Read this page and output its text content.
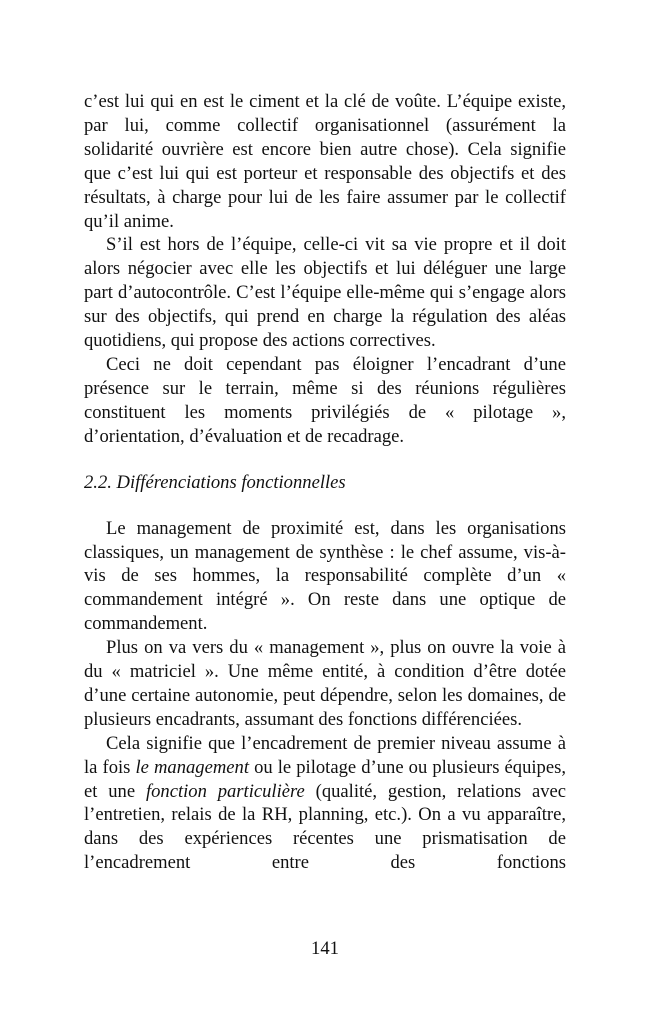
c’est lui qui en est le ciment et la clé de voûte. L’équipe existe, par lui, comme collectif organisationnel (assurément la solidarité ouvrière est encore bien autre chose). Cela signifie que c’est lui qui est porteur et responsable des objectifs et des résultats, à charge pour lui de les faire assumer par le collectif qu’il anime.

S’il est hors de l’équipe, celle-ci vit sa vie propre et il doit alors négocier avec elle les objectifs et lui déléguer une large part d’autocontrôle. C’est l’équipe elle-même qui s’engage alors sur des objectifs, qui prend en charge la régulation des aléas quotidiens, qui propose des actions correctives.

Ceci ne doit cependant pas éloigner l’encadrant d’une présence sur le terrain, même si des réunions régulières constituent les moments privilégiés de « pilotage », d’orientation, d’évaluation et de recadrage.

2.2. Différenciations fonctionnelles

Le management de proximité est, dans les organisations classiques, un management de synthèse : le chef assume, vis-à-vis de ses hommes, la responsabilité complète d’un « commandement intégré ». On reste dans une optique de commandement.

Plus on va vers du « management », plus on ouvre la voie à du « matriciel ». Une même entité, à condition d’être dotée d’une certaine autonomie, peut dépendre, selon les domaines, de plusieurs encadrants, assumant des fonctions différenciées.

Cela signifie que l’encadrement de premier niveau assume à la fois le management ou le pilotage d’une ou plusieurs équipes, et une fonction particulière (qualité, gestion, relations avec l’entretien, relais de la RH, planning, etc.). On a vu apparaître, dans des expériences récentes une prismatisation de l’encadrement entre des fonctions

141
